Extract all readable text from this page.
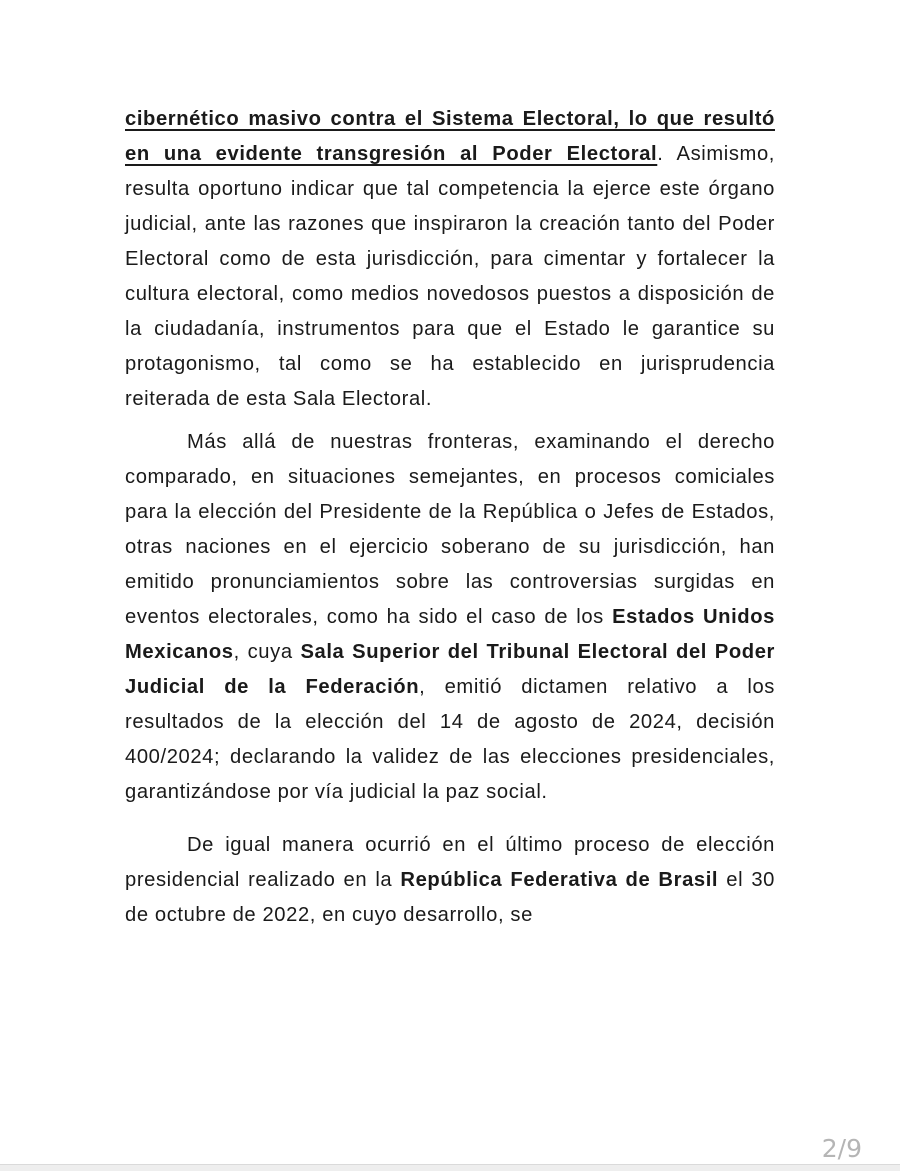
cibernético masivo contra el Sistema Electoral, lo que resultó en una evidente transgresión al Poder Electoral. Asimismo, resulta oportuno indicar que tal competencia la ejerce este órgano judicial, ante las razones que inspiraron la creación tanto del Poder Electoral como de esta jurisdicción, para cimentar y fortalecer la cultura electoral, como medios novedosos puestos a disposición de la ciudadanía, instrumentos para que el Estado le garantice su protagonismo, tal como se ha establecido en jurisprudencia reiterada de esta Sala Electoral.

Más allá de nuestras fronteras, examinando el derecho comparado, en situaciones semejantes, en procesos comiciales para la elección del Presidente de la República o Jefes de Estados, otras naciones en el ejercicio soberano de su jurisdicción, han emitido pronunciamientos sobre las controversias surgidas en eventos electorales, como ha sido el caso de los Estados Unidos Mexicanos, cuya Sala Superior del Tribunal Electoral del Poder Judicial de la Federación, emitió dictamen relativo a los resultados de la elección del 14 de agosto de 2024, decisión 400/2024; declarando la validez de las elecciones presidenciales, garantizándose por vía judicial la paz social.

De igual manera ocurrió en el último proceso de elección presidencial realizado en la República Federativa de Brasil el 30 de octubre de 2022, en cuyo desarrollo, se

2/9
